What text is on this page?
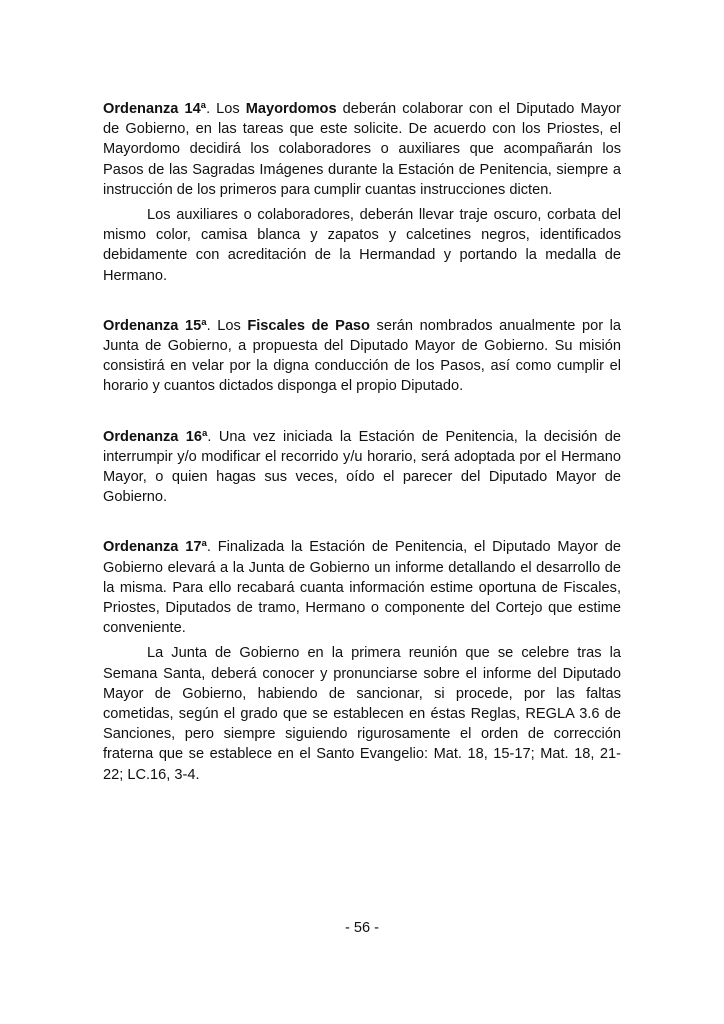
Ordenanza 14ª. Los Mayordomos deberán colaborar con el Diputado Mayor de Gobierno, en las tareas que este solicite. De acuerdo con los Priostes, el Mayordomo decidirá los colaboradores o auxiliares que acompañarán los Pasos de las Sagradas Imágenes durante la Estación de Penitencia, siempre a instrucción de los primeros para cumplir cuantas instrucciones dicten.

Los auxiliares o colaboradores, deberán llevar traje oscuro, corbata del mismo color, camisa blanca y zapatos y calcetines negros, identificados debidamente con acreditación de la Hermandad y portando la medalla de Hermano.

Ordenanza 15ª. Los Fiscales de Paso serán nombrados anualmente por la Junta de Gobierno, a propuesta del Diputado Mayor de Gobierno. Su misión consistirá en velar por la digna conducción de los Pasos, así como cumplir el horario y cuantos dictados disponga el propio Diputado.

Ordenanza 16ª. Una vez iniciada la Estación de Penitencia, la decisión de interrumpir y/o modificar el recorrido y/u horario, será adoptada por el Hermano Mayor, o quien hagas sus veces, oído el parecer del Diputado Mayor de Gobierno.

Ordenanza 17ª. Finalizada la Estación de Penitencia, el Diputado Mayor de Gobierno elevará a la Junta de Gobierno un informe detallando el desarrollo de la misma. Para ello recabará cuanta información estime oportuna de Fiscales, Priostes, Diputados de tramo, Hermano o componente del Cortejo que estime conveniente.

La Junta de Gobierno en la primera reunión que se celebre tras la Semana Santa, deberá conocer y pronunciarse sobre el informe del Diputado Mayor de Gobierno, habiendo de sancionar, si procede, por las faltas cometidas, según el grado que se establecen en éstas Reglas, REGLA 3.6 de Sanciones, pero siempre siguiendo rigurosamente el orden de corrección fraterna que se establece en el Santo Evangelio: Mat. 18, 15-17; Mat. 18, 21-22; LC.16, 3-4.

- 56 -
